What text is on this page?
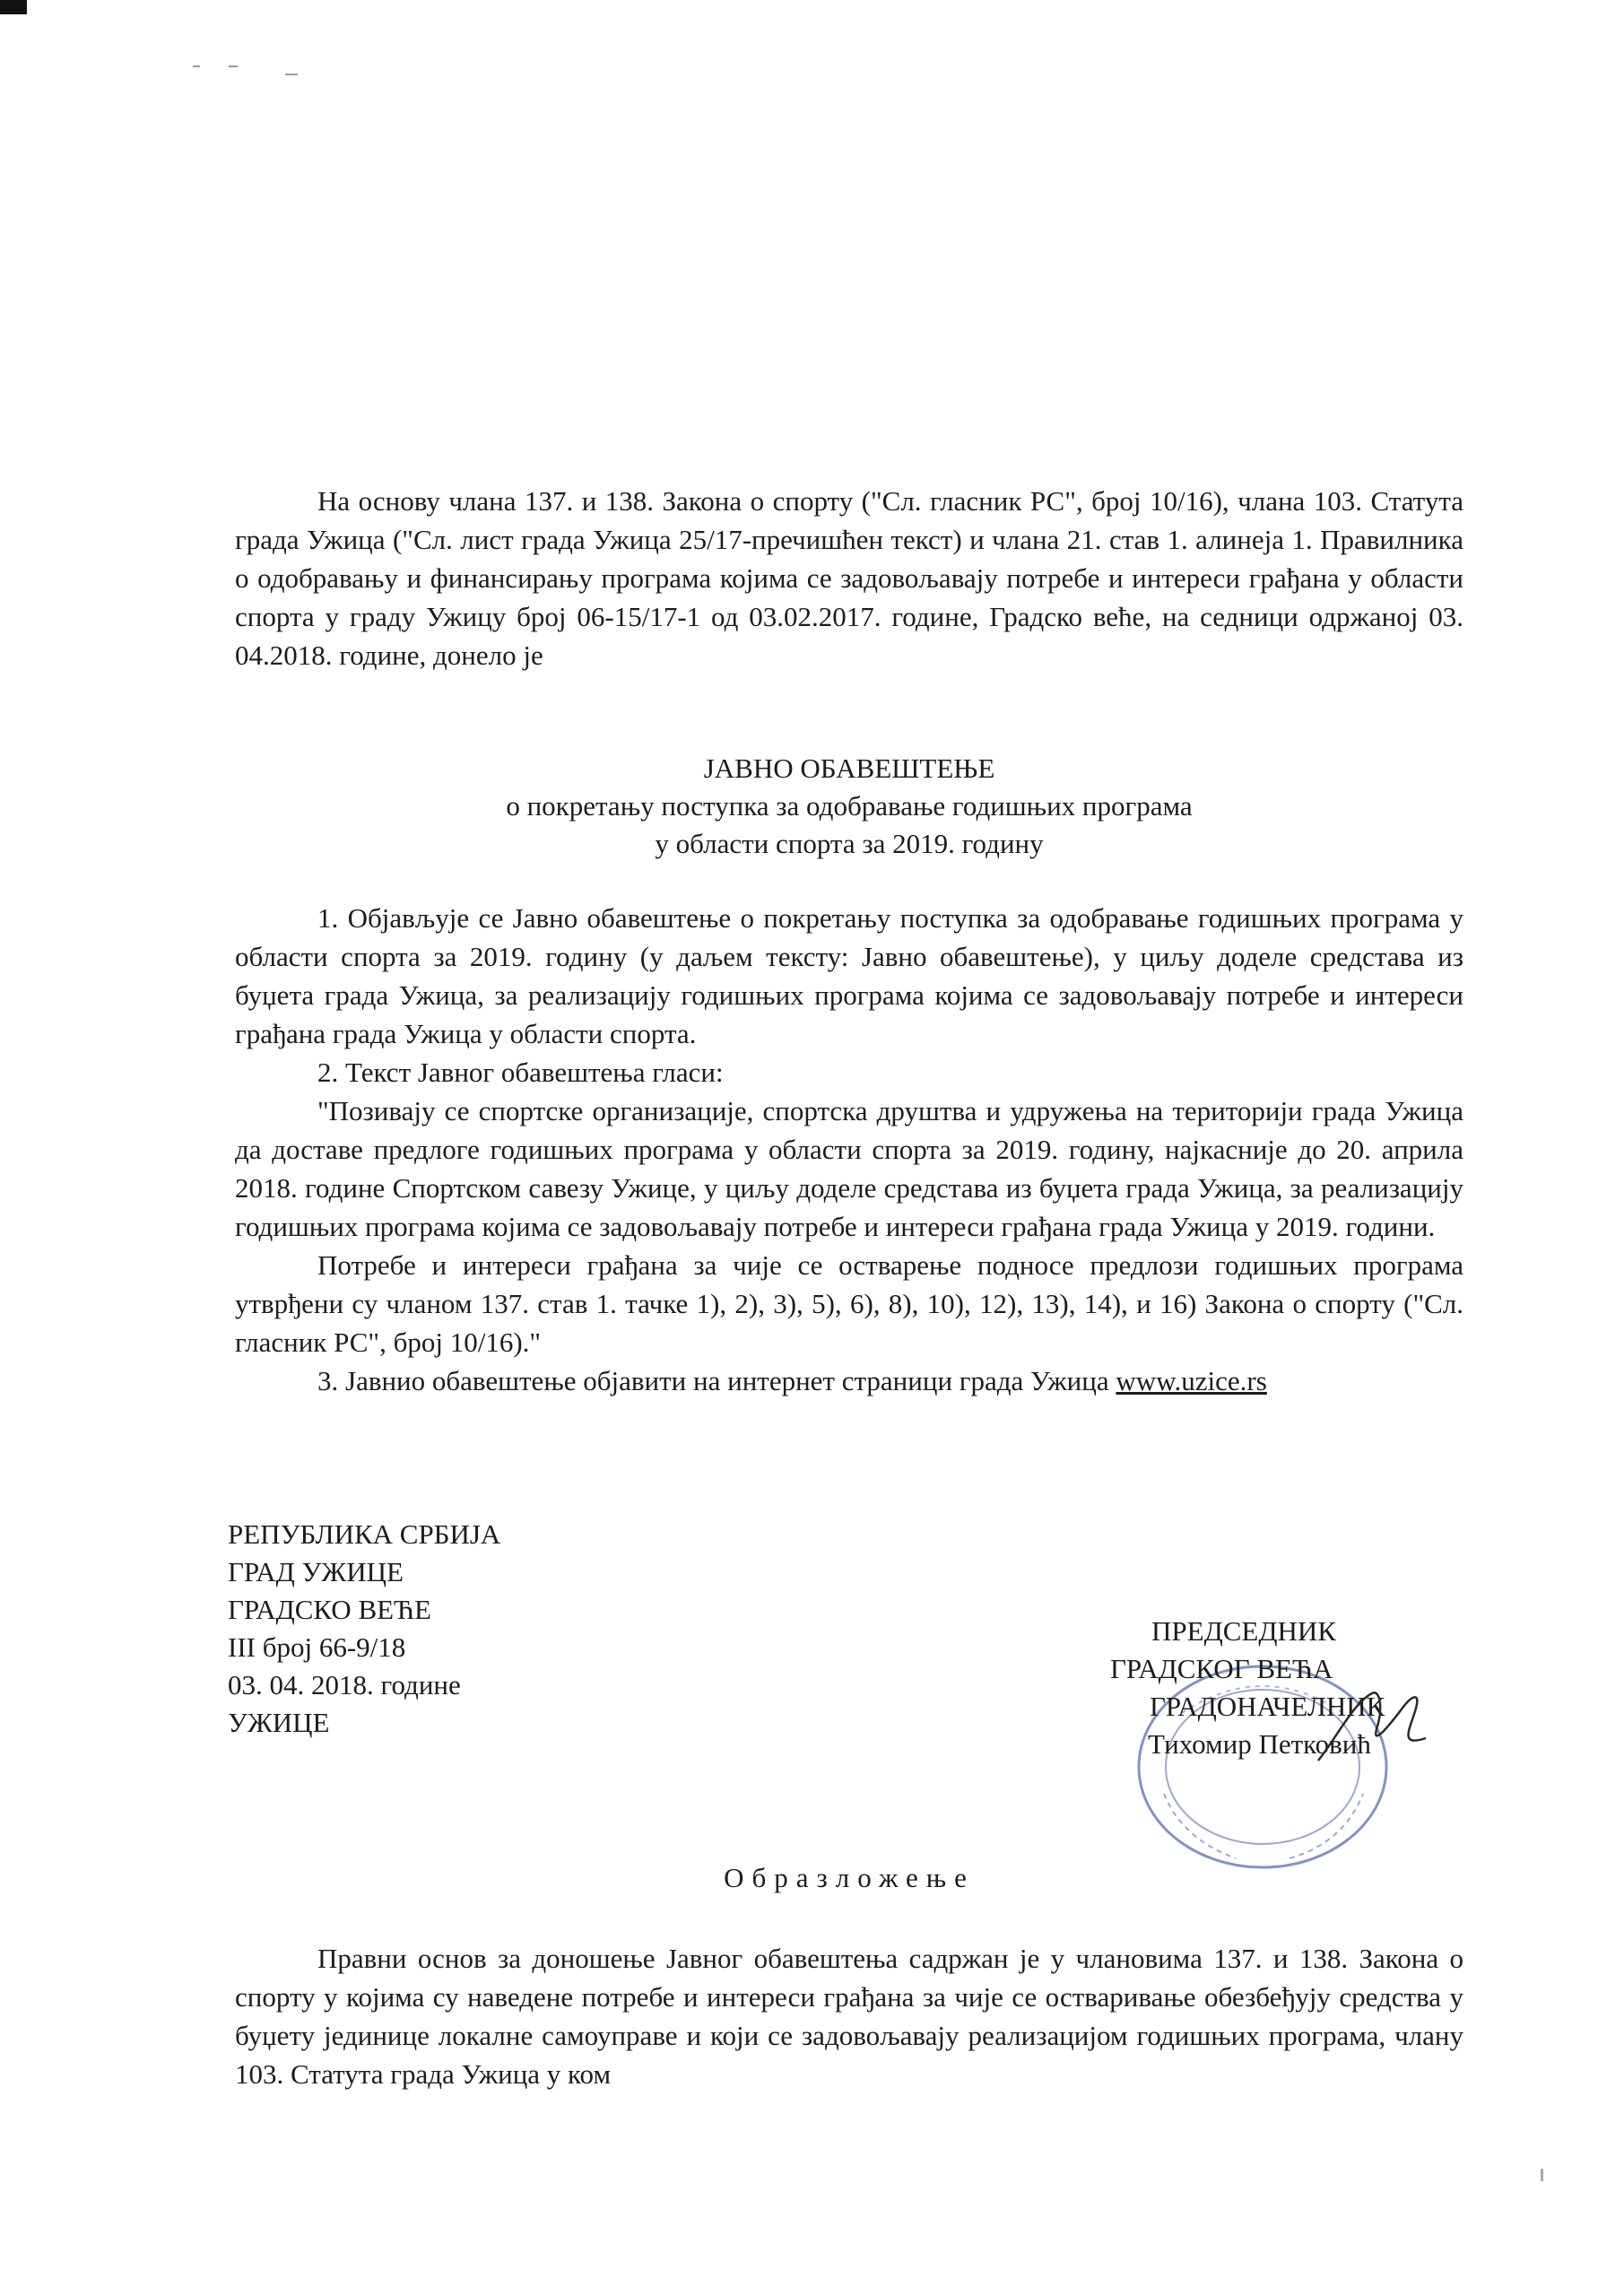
На основу члана 137. и 138. Закона о спорту ("Сл. гласник РС", број 10/16), члана 103. Статута града Ужица ("Сл. лист града Ужица 25/17-пречишћен текст) и члана 21. став 1. алинеја 1. Правилника о одобравању и финансирању програма којима се задовољавају потребе и интереси грађана у области спорта у граду Ужицу број 06-15/17-1 од 03.02.2017. године, Градско веће, на седници одржаној 03. 04.2018. године, донело је

ЈАВНО ОБАВЕШТЕЊЕ
о покретању поступка за одобравање годишњих програма
у области спорта за 2019. годину

1. Објављује се Јавно обавештење о покретању поступка за одобравање годишњих програма у области спорта за 2019. годину (у даљем тексту: Јавно обавештење), у циљу доделе средстава из буџета града Ужица, за реализацију годишњих програма којима се задовољавају потребе и интереси грађана града Ужица у области спорта.

2. Текст Јавног обавештења гласи:

"Позивају се спортске организације, спортска друштва и удружења на територији града Ужица да доставе предлоге годишњих програма у области спорта за 2019. годину, најкасније до 20. априла 2018. године Спортском савезу Ужице, у циљу доделе средстава из буџета града Ужица, за реализацију годишњих програма којима се задовољавају потребе и интереси грађана града Ужица у 2019. години.

Потребе и интереси грађана за чије се остварење подносе предлози годишњих програма утврђени су чланом 137. став 1. тачке 1), 2), 3), 5), 6), 8), 10), 12), 13), 14), и 16) Закона о спорту ("Сл. гласник РС", број 10/16)."

3. Јавниo обавештење објавити на интернет страници града Ужица www.uzice.rs

РЕПУБЛИКА СРБИЈА
ГРАД УЖИЦЕ
ГРАДСКО ВЕЋЕ
III број 66-9/18
03. 04. 2018. године
УЖИЦЕ
ПРЕДСЕДНИК
ГРАДСКОГ ВЕЋА
ГРАДОНАЧЕЛНИК
Тихомир Петковић

Образложење

Правни основ за доношење Јавног обавештења садржан је у члановима 137. и 138. Закона о спорту у којима су наведене потребе и интереси грађана за чије се остваривање обезбеђују средства у буџету јединице локалне самоуправе и који се задовољавају реализацијом годишњих програма, члану 103. Статута града Ужица у ком
